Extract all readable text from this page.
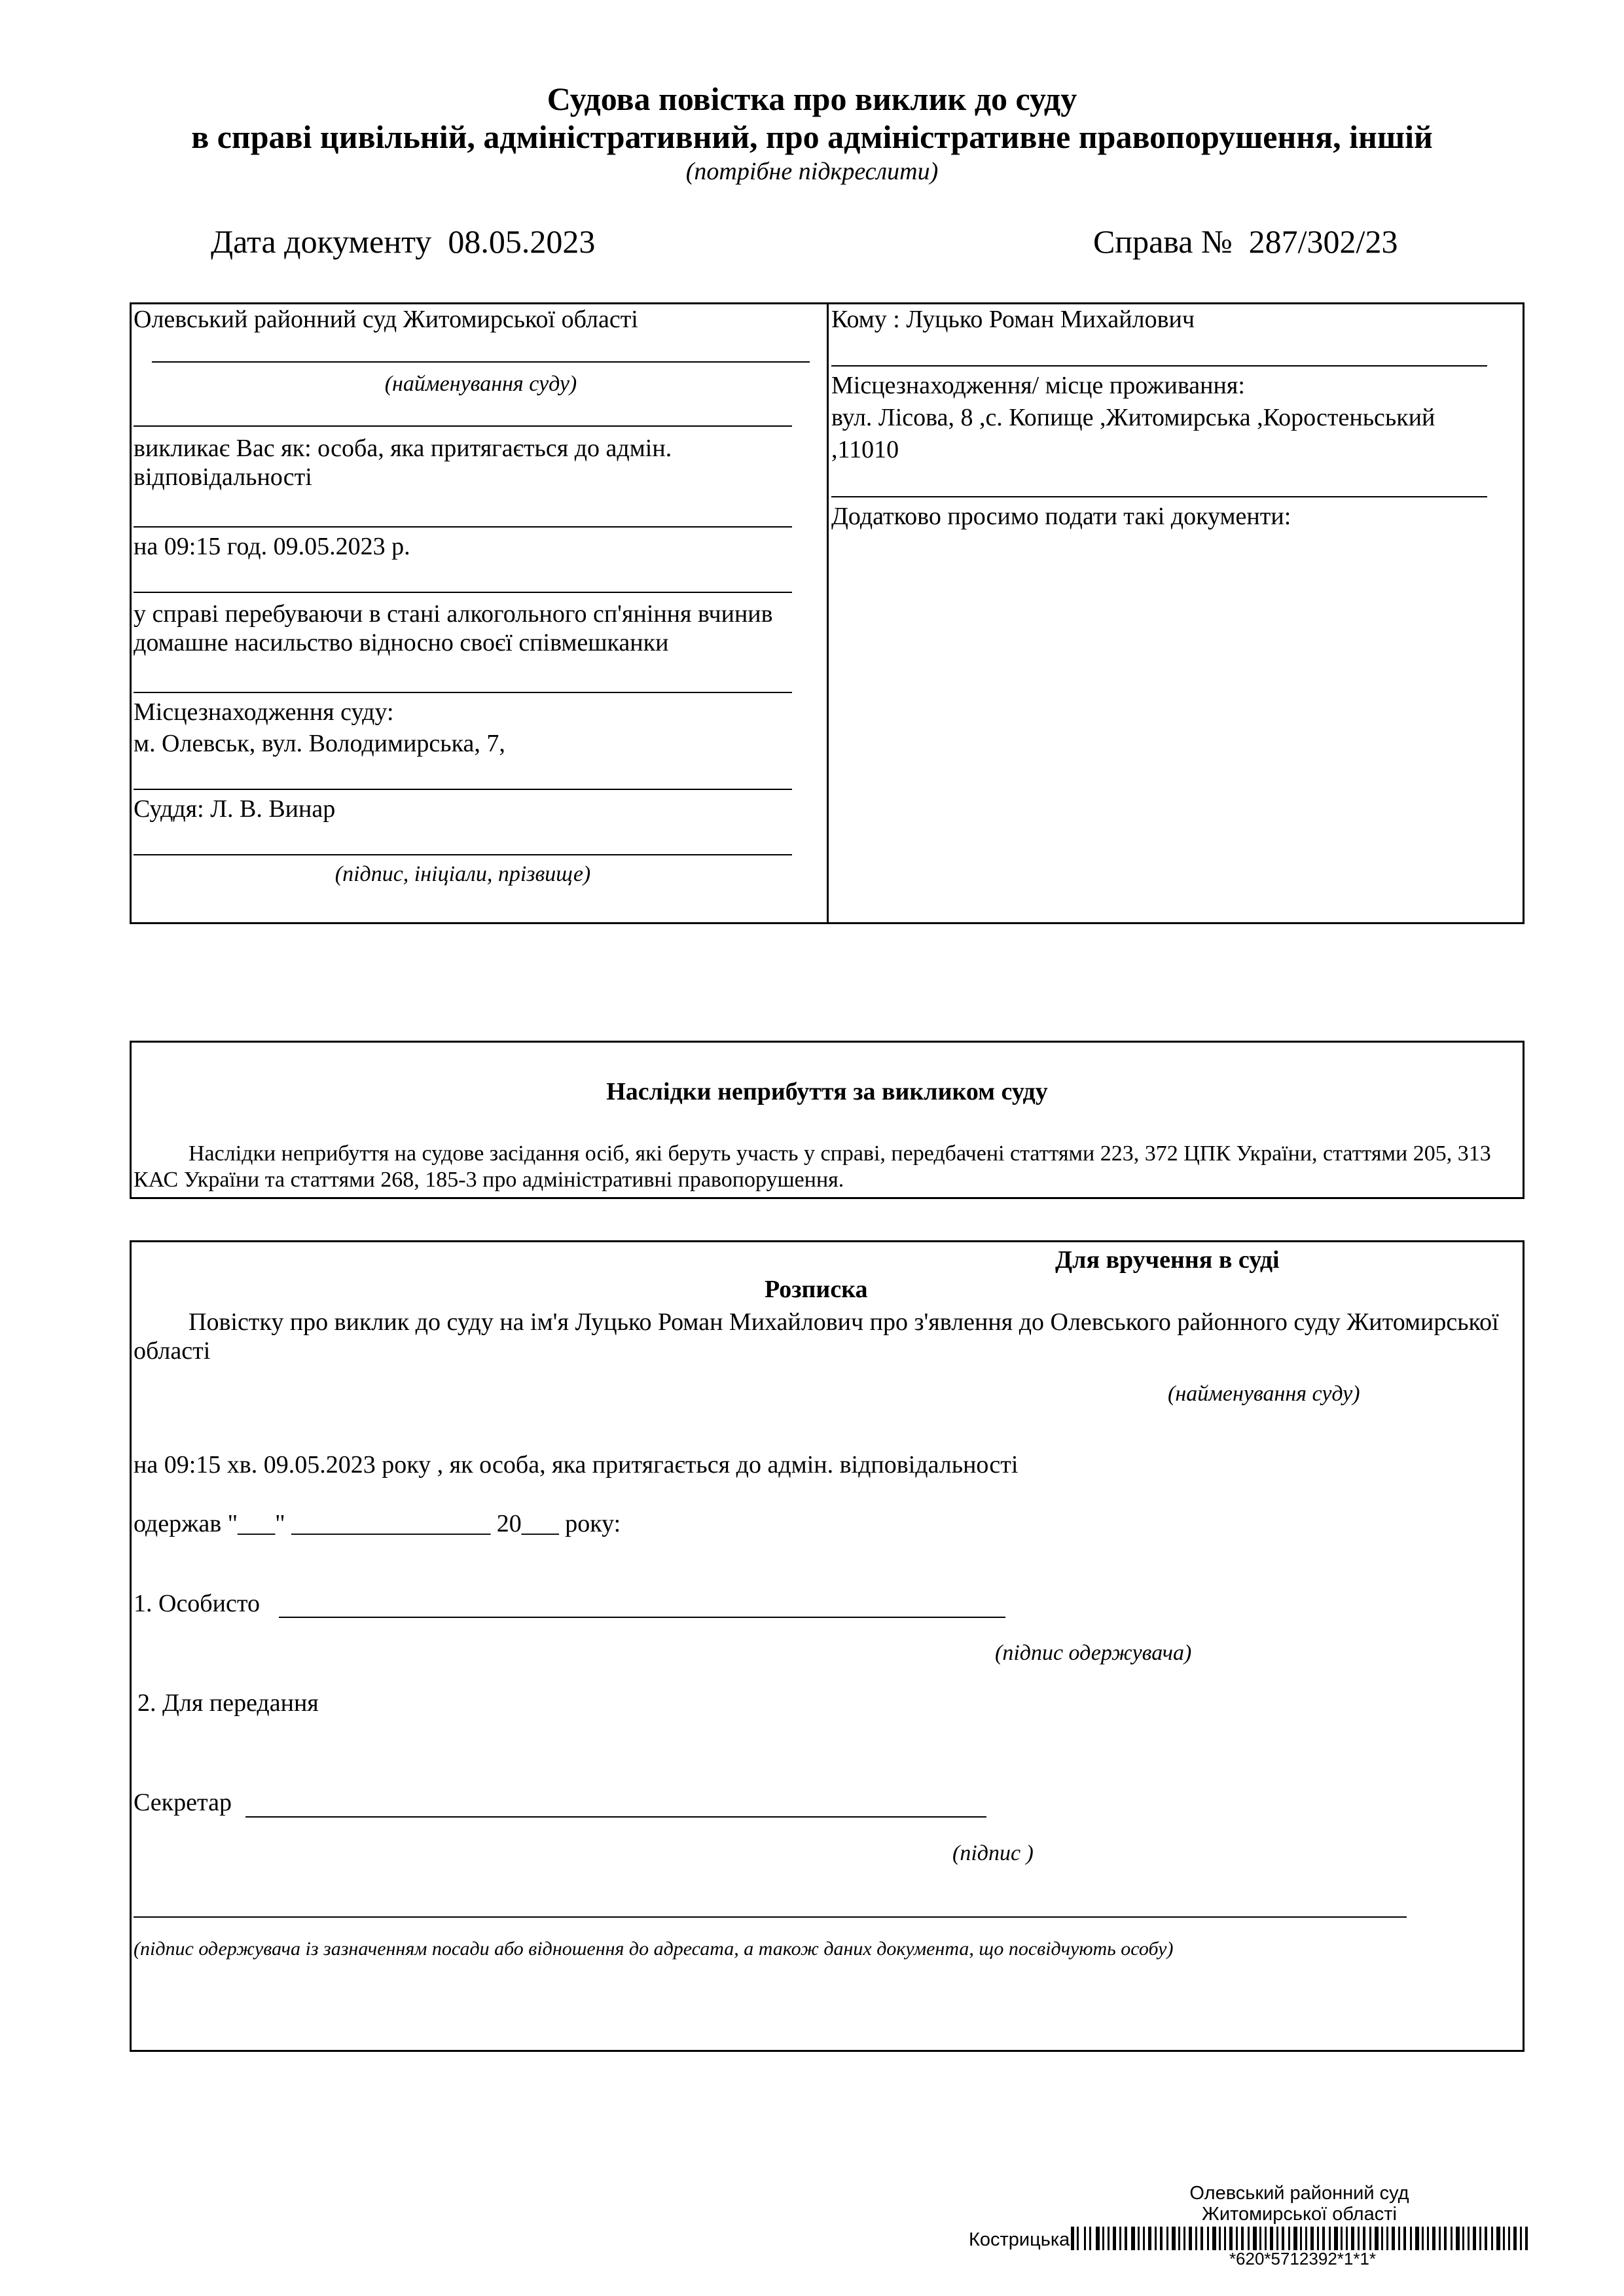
Судова повістка про виклик до суду
в справі цивільній, адміністративний, про адміністративне правопорушення, іншій
(потрібне підкреслити)
Дата документу 08.05.2023	Справа № 287/302/23
Олевський районний суд Житомирської області
(найменування суду)
викликає Вас як: особа, яка притягається до адмін. відповідальності
на 09:15 год. 09.05.2023 р.
у справі перебуваючи в стані алкогольного сп'яніння вчинив домашне насильство відносно своєї співмешканки
Місцезнаходження суду:
м. Олевськ, вул. Володимирська, 7,
Суддя: Л. В. Винар
(підпис, ініціали, прізвище)
Кому : Луцько Роман Михайлович
Місцезнаходження/ місце проживання:
вул. Лісова, 8 ,с. Копище ,Житомирська ,Коростеньський
,11010
Додатково просимо подати такі документи:
Наслідки неприбуття за викликом суду
Наслідки неприбуття на судове засідання осіб, які беруть участь у справі, передбачені статтями 223, 372 ЦПК України, статтями 205, 313 КАС України та статтями 268, 185-3 про адміністративні правопорушення.
Для вручення в суді
Розписка
Повістку про виклик до суду на ім'я Луцько Роман Михайлович про з'явлення до Олевського районного суду Житомирської області
(найменування суду)
на 09:15 хв. 09.05.2023 року , як особа, яка притягається до адмін. відповідальності
одержав "___" ________________ 20___ року:
1. Особисто
(підпис одержувача)
2. Для передання
Секретар
(підпис )
(підпис одержувача із зазначенням посади або відношення до адресата, а також даних документа, що посвідчують особу)
Олевський районний суд
Житомирської області
Кострицька
*620*5712392*1*1*
